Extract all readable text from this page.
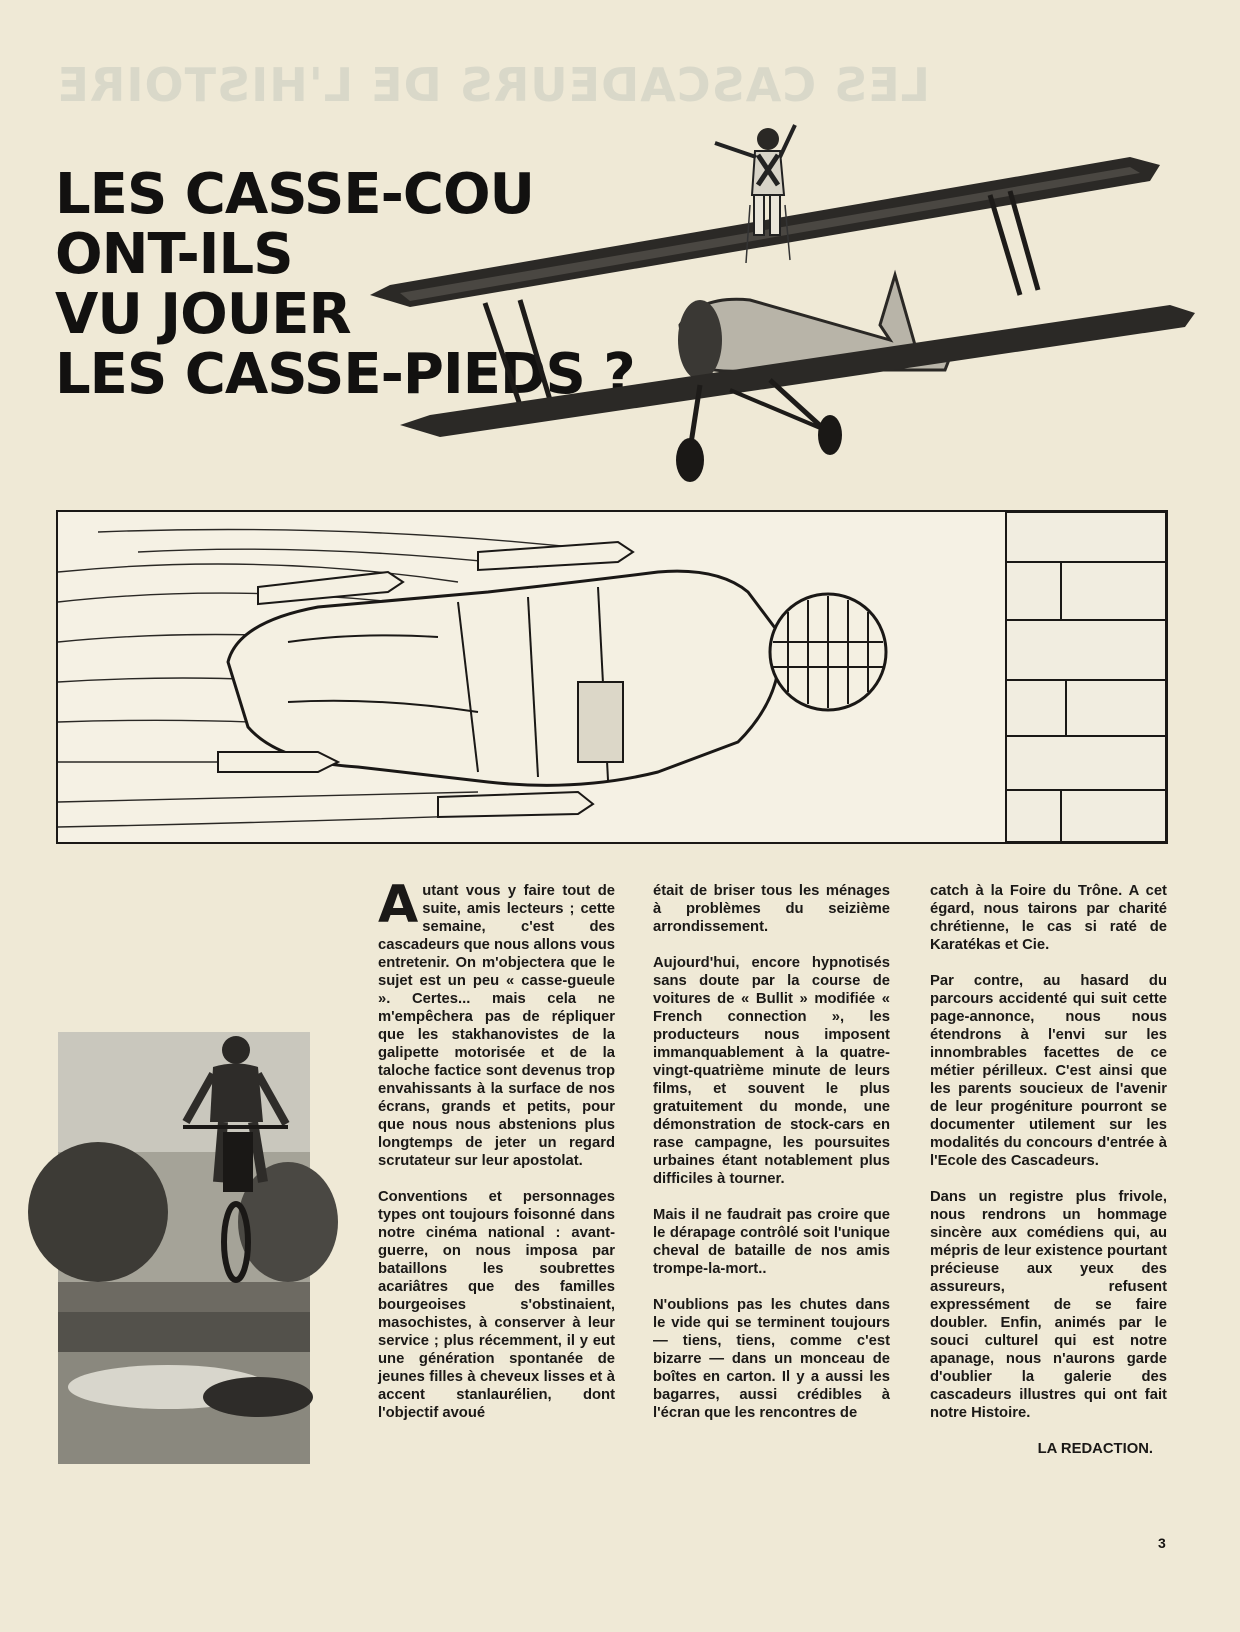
LES CASCADEURS DE L'HISTOIRE
LES CASSE-COU
ONT-ILS
VU JOUER
LES CASSE-PIEDS ?

Autant vous y faire tout de suite, amis lecteurs ; cette semaine, c'est des cascadeurs que nous allons vous entretenir. On m'objectera que le sujet est un peu « casse-gueule ». Certes... mais cela ne m'empêchera pas de répliquer que les stakhanovistes de la galipette motorisée et de la taloche factice sont devenus trop envahissants à la surface de nos écrans, grands et petits, pour que nous nous abstenions plus longtemps de jeter un regard scrutateur sur leur apostolat.

Conventions et personnages types ont toujours foisonné dans notre cinéma national : avant-guerre, on nous imposa par bataillons les soubrettes acariâtres que des familles bourgeoises s'obstinaient, masochistes, à conserver à leur service ; plus récemment, il y eut une génération spontanée de jeunes filles à cheveux lisses et à accent stanlaurélien, dont l'objectif avoué

était de briser tous les ménages à problèmes du seizième arrondissement.

Aujourd'hui, encore hypnotisés sans doute par la course de voitures de « Bullit » modifiée « French connection », les producteurs nous imposent immanquablement à la quatre-vingt-quatrième minute de leurs films, et souvent le plus gratuitement du monde, une démonstration de stock-cars en rase campagne, les poursuites urbaines étant notablement plus difficiles à tourner.

Mais il ne faudrait pas croire que le dérapage contrôlé soit l'unique cheval de bataille de nos amis trompe-la-mort..

N'oublions pas les chutes dans le vide qui se terminent toujours — tiens, tiens, comme c'est bizarre — dans un monceau de boîtes en carton. Il y a aussi les bagarres, aussi crédibles à l'écran que les rencontres de

catch à la Foire du Trône. A cet égard, nous tairons par charité chrétienne, le cas si raté de Karatékas et Cie.

Par contre, au hasard du parcours accidenté qui suit cette page-annonce, nous nous étendrons à l'envi sur les innombrables facettes de ce métier périlleux. C'est ainsi que les parents soucieux de l'avenir de leur progéniture pourront se documenter utilement sur les modalités du concours d'entrée à l'Ecole des Cascadeurs.

Dans un registre plus frivole, nous rendrons un hommage sincère aux comédiens qui, au mépris de leur existence pourtant précieuse aux yeux des assureurs, refusent expressément de se faire doubler. Enfin, animés par le souci culturel qui est notre apanage, nous n'aurons garde d'oublier la galerie des cascadeurs illustres qui ont fait notre Histoire.

LA REDACTION.
3
